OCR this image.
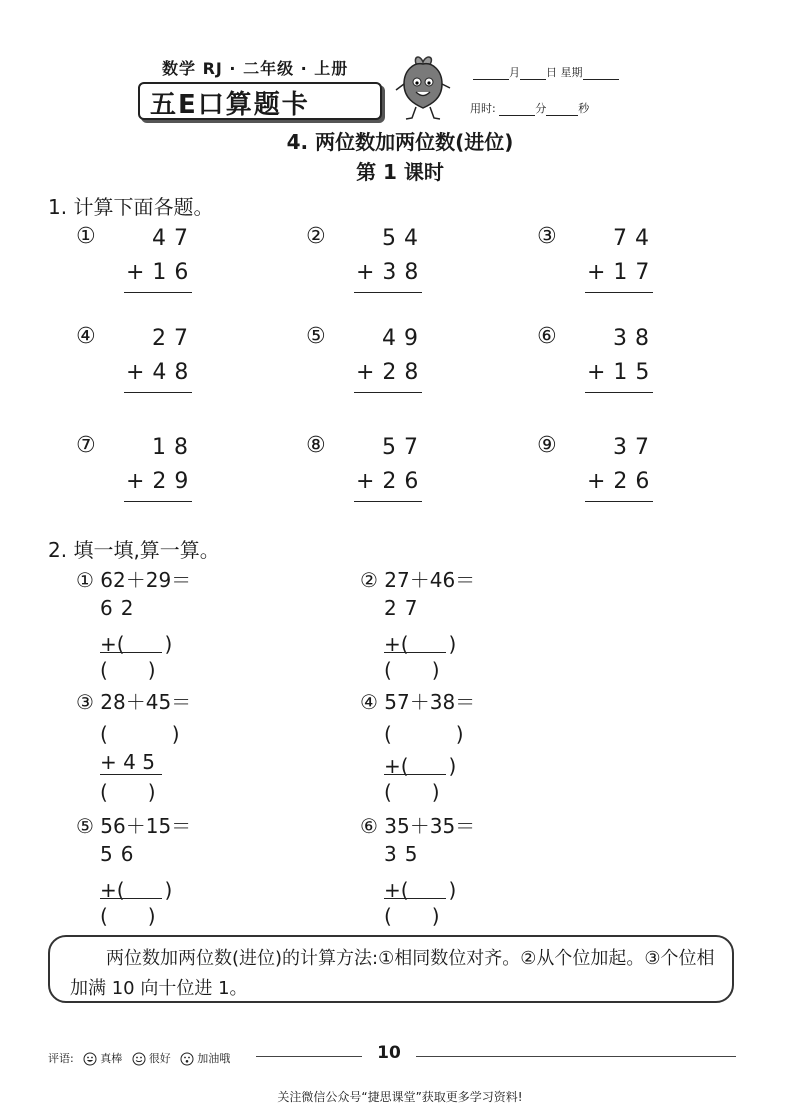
数学 RJ · 二年级 · 上册
五E口算题卡
月 日 星期
用时:	分	秒
4. 两位数加两位数(进位)
第 1 课时
1. 计算下面各题。
①	47
+16
②	54
+38
③	74
+17
④	27
+48
⑤	49
+28
⑥	38
+15
⑦	18
+29
⑧	57
+26
⑨	37
+26
2. 填一填,算一算。
① 62＋29＝
62
+(　　)
(　　)
② 27＋46＝
27
+(　　)
(　　)
③ 28＋45＝
(　　)
+ 4 5
(　　)
④ 57＋38＝
(　　)
+(　　)
(　　)
⑤ 56＋15＝
56
+(　　)
(　　)
⑥ 35＋35＝
35
+(　　)
(　　)
两位数加两位数(进位)的计算方法:①相同数位对齐。②从个位加起。③个位相加满 10 向十位进 1。
评语: 真棒 很好 加油哦	10
关注微信公众号“捷思课堂”获取更多学习资料!
